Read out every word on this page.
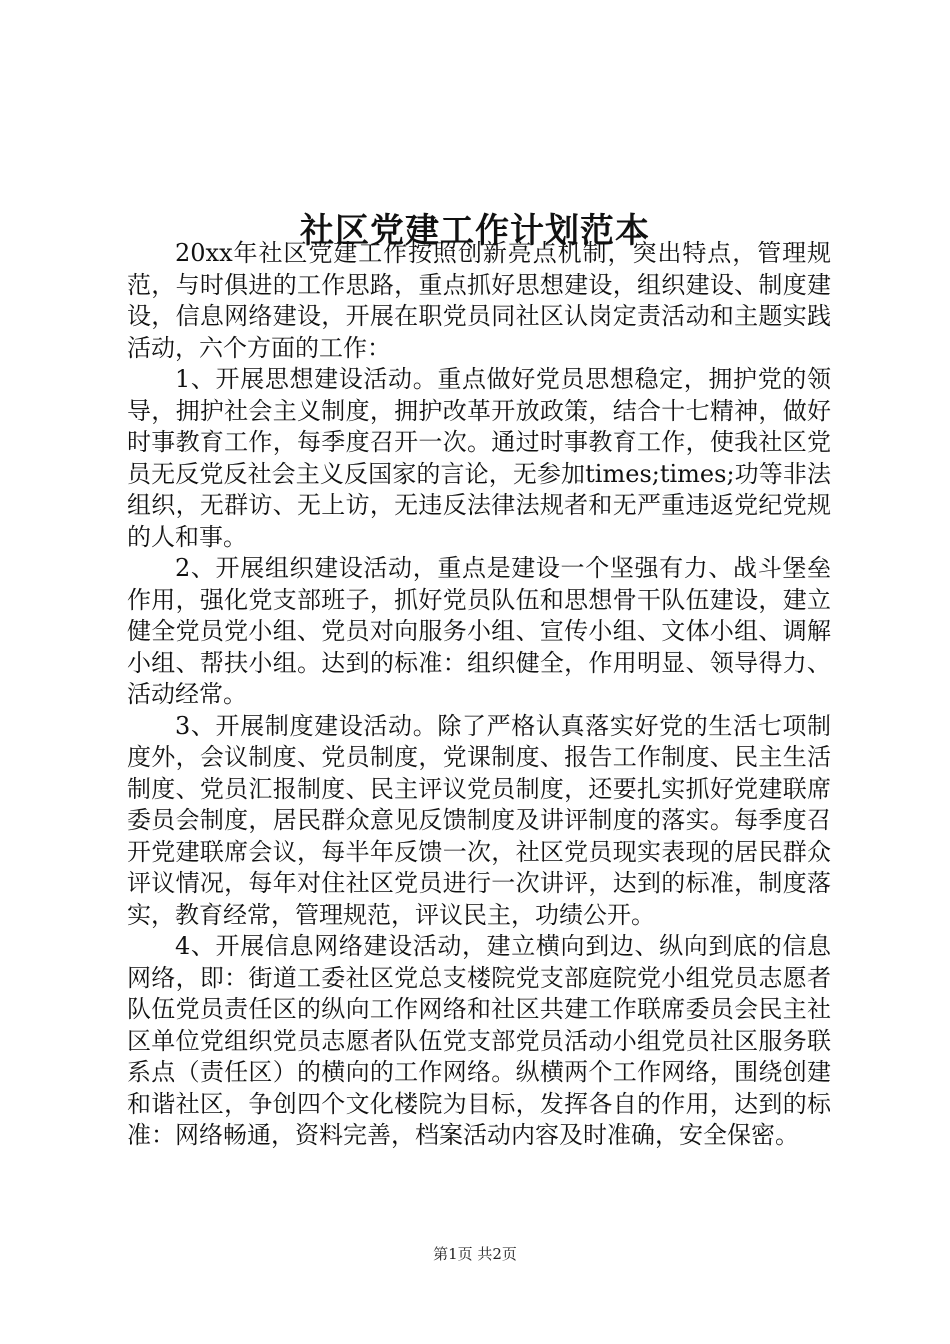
社区党建工作计划范本

20xx年社区党建工作按照创新亮点机制，突出特点，管理规范，与时俱进的工作思路，重点抓好思想建设，组织建设、制度建设，信息网络建设，开展在职党员同社区认岗定责活动和主题实践活动，六个方面的工作：

1、开展思想建设活动。重点做好党员思想稳定，拥护党的领导，拥护社会主义制度，拥护改革开放政策，结合十七精神，做好时事教育工作，每季度召开一次。通过时事教育工作，使我社区党员无反党反社会主义反国家的言论，无参加times;times;功等非法组织，无群访、无上访，无违反法律法规者和无严重违返党纪党规的人和事。

2、开展组织建设活动，重点是建设一个坚强有力、战斗堡垒作用，强化党支部班子，抓好党员队伍和思想骨干队伍建设，建立健全党员党小组、党员对向服务小组、宣传小组、文体小组、调解小组、帮扶小组。达到的标准：组织健全，作用明显、领导得力、活动经常。

3、开展制度建设活动。除了严格认真落实好党的生活七项制度外，会议制度、党员制度，党课制度、报告工作制度、民主生活制度、党员汇报制度、民主评议党员制度，还要扎实抓好党建联席委员会制度，居民群众意见反馈制度及讲评制度的落实。每季度召开党建联席会议，每半年反馈一次，社区党员现实表现的居民群众评议情况，每年对住社区党员进行一次讲评，达到的标准，制度落实，教育经常，管理规范，评议民主，功绩公开。

4、开展信息网络建设活动，建立横向到边、纵向到底的信息网络，即：街道工委社区党总支楼院党支部庭院党小组党员志愿者队伍党员责任区的纵向工作网络和社区共建工作联席委员会民主社区单位党组织党员志愿者队伍党支部党员活动小组党员社区服务联系点（责任区）的横向的工作网络。纵横两个工作网络，围绕创建和谐社区，争创四个文化楼院为目标，发挥各自的作用，达到的标准：网络畅通，资料完善，档案活动内容及时准确，安全保密。

第1页 共2页
